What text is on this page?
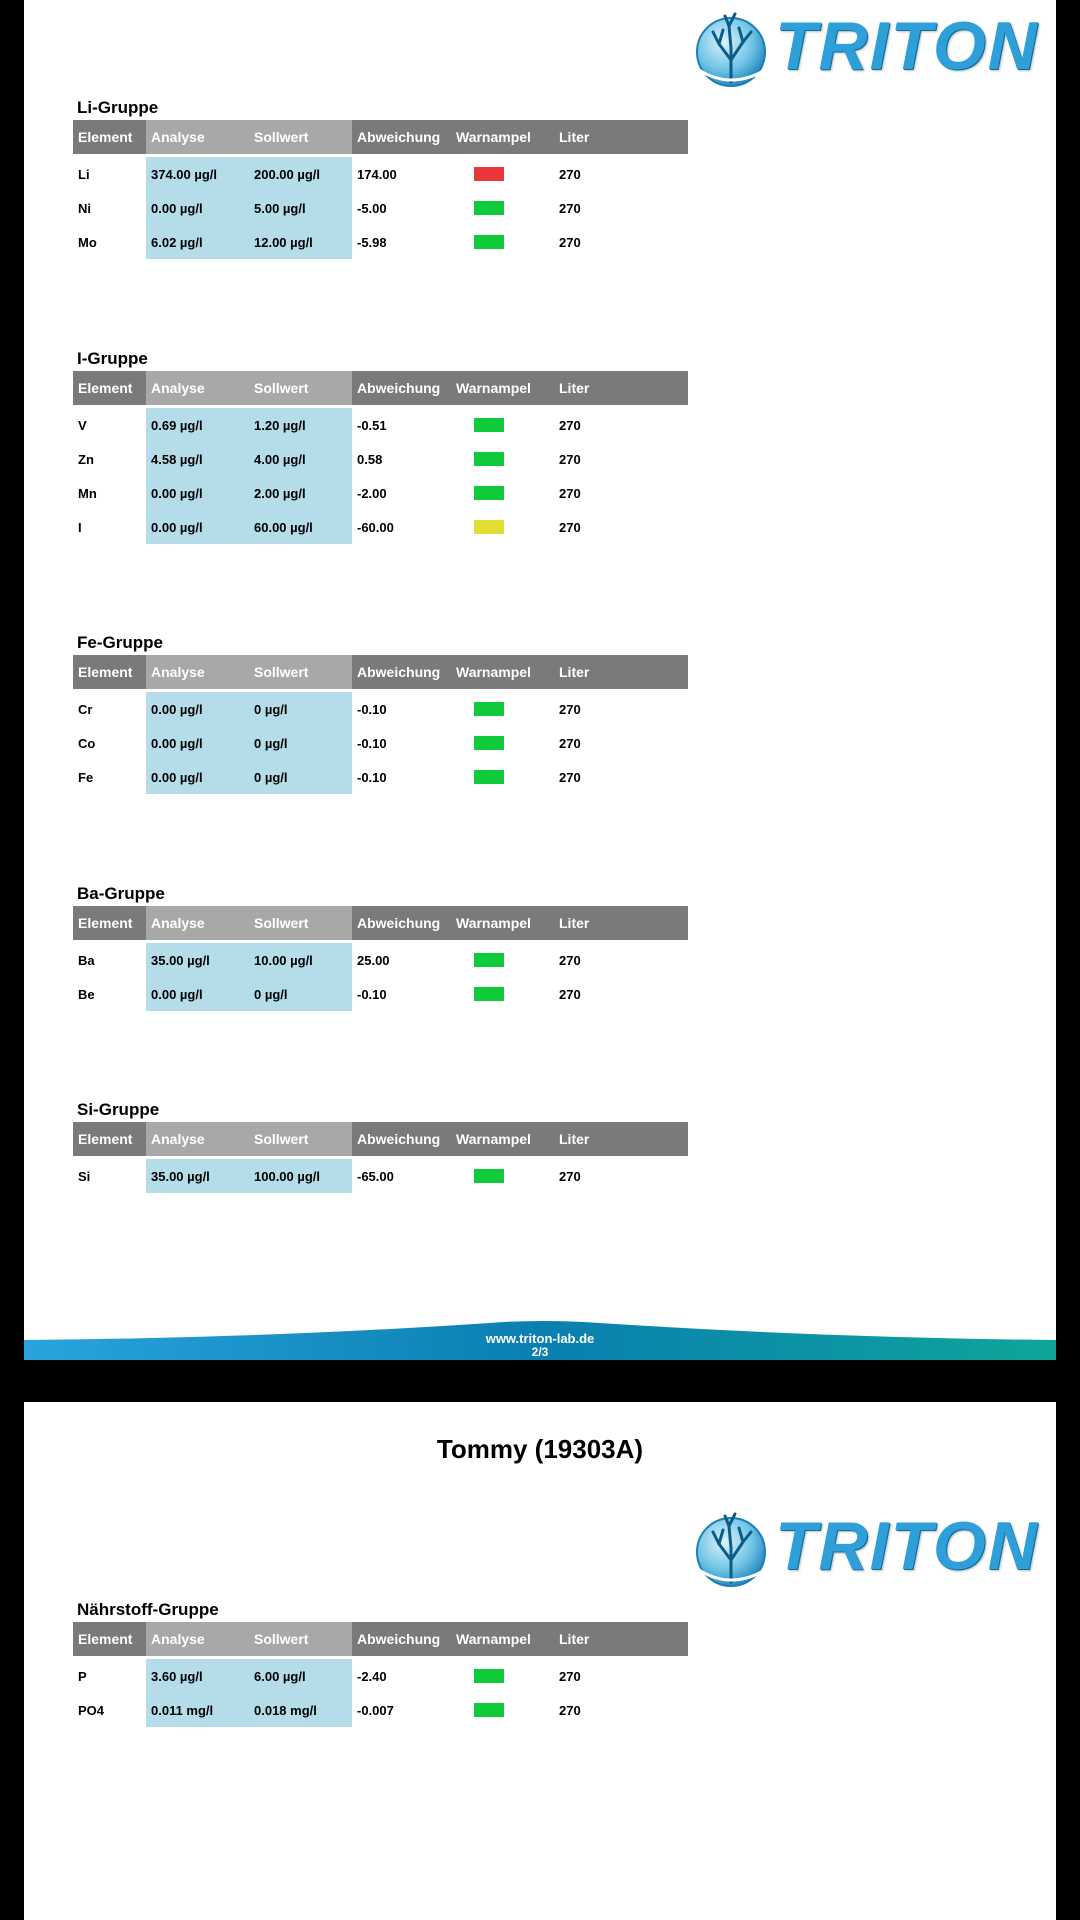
TRITON
Li-Gruppe
Element	Analyse	Sollwert	Abweichung	Warnampel	Liter
Li	374.00 µg/l	200.00 µg/l	174.00		270
Ni	0.00 µg/l	5.00 µg/l	-5.00		270
Mo	6.02 µg/l	12.00 µg/l	-5.98		270
I-Gruppe
Element	Analyse	Sollwert	Abweichung	Warnampel	Liter
V	0.69 µg/l	1.20 µg/l	-0.51		270
Zn	4.58 µg/l	4.00 µg/l	0.58		270
Mn	0.00 µg/l	2.00 µg/l	-2.00		270
I	0.00 µg/l	60.00 µg/l	-60.00		270
Fe-Gruppe
Element	Analyse	Sollwert	Abweichung	Warnampel	Liter
Cr	0.00 µg/l	0 µg/l	-0.10		270
Co	0.00 µg/l	0 µg/l	-0.10		270
Fe	0.00 µg/l	0 µg/l	-0.10		270
Ba-Gruppe
Element	Analyse	Sollwert	Abweichung	Warnampel	Liter
Ba	35.00 µg/l	10.00 µg/l	25.00		270
Be	0.00 µg/l	0 µg/l	-0.10		270
Si-Gruppe
Element	Analyse	Sollwert	Abweichung	Warnampel	Liter
Si	35.00 µg/l	100.00 µg/l	-65.00		270
www.triton-lab.de
2/3
Tommy (19303A)
TRITON
Nährstoff-Gruppe
Element	Analyse	Sollwert	Abweichung	Warnampel	Liter
P	3.60 µg/l	6.00 µg/l	-2.40		270
PO4	0.011 mg/l	0.018 mg/l	-0.007		270
